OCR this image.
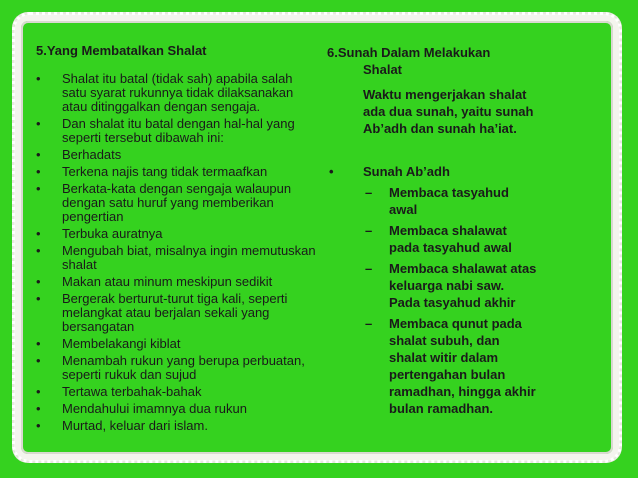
5.Yang Membatalkan Shalat
• Shalat itu batal (tidak sah) apabila salah satu syarat rukunnya tidak dilaksanakan atau ditinggalkan dengan sengaja.
• Dan shalat itu batal dengan hal-hal yang seperti tersebut dibawah ini:
• Berhadats
• Terkena najis tang tidak termaafkan
• Berkata-kata dengan sengaja walaupun dengan satu huruf yang memberikan pengertian
• Terbuka auratnya
• Mengubah biat, misalnya ingin memutuskan shalat
• Makan atau minum meskipun sedikit
• Bergerak berturut-turut tiga kali, seperti melangkat atau berjalan sekali yang bersangatan
• Membelakangi kiblat
• Menambah rukun yang berupa perbuatan, seperti rukuk dan sujud
• Tertawa terbahak-bahak
• Mendahului imamnya dua rukun
• Murtad, keluar dari islam.
6.Sunah Dalam Melakukan
Shalat
Waktu mengerjakan shalat ada dua sunah, yaitu sunah Ab’adh dan sunah ha’iat.
• Sunah Ab’adh
– Membaca tasyahud awal
– Membaca shalawat pada tasyahud awal
– Membaca shalawat atas keluarga nabi saw. Pada tasyahud akhir
– Membaca qunut pada shalat subuh, dan shalat witir dalam pertengahan bulan ramadhan, hingga akhir bulan ramadhan.
